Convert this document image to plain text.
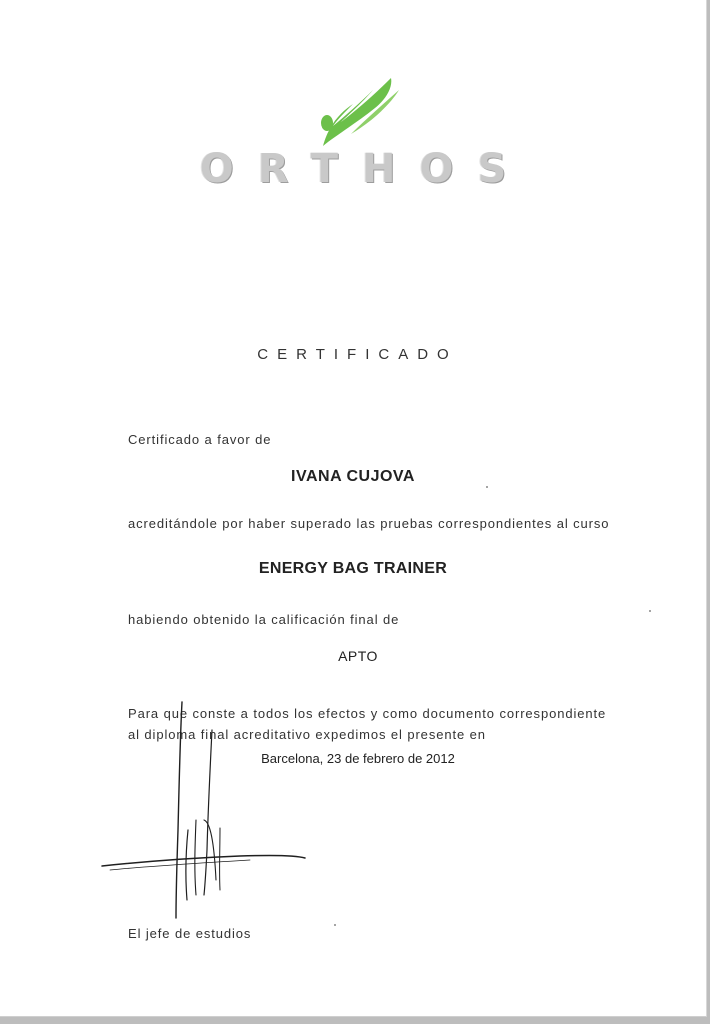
ORTHOS
CERTIFICADO
Certificado a favor de
IVANA CUJOVA
acreditándole por haber superado las pruebas correspondientes al curso
ENERGY BAG TRAINER
habiendo obtenido la calificación final de
APTO
Para que conste a todos los efectos y como documento correspondiente
al diploma final acreditativo expedimos el presente en
Barcelona, 23 de febrero de 2012
El jefe de estudios
